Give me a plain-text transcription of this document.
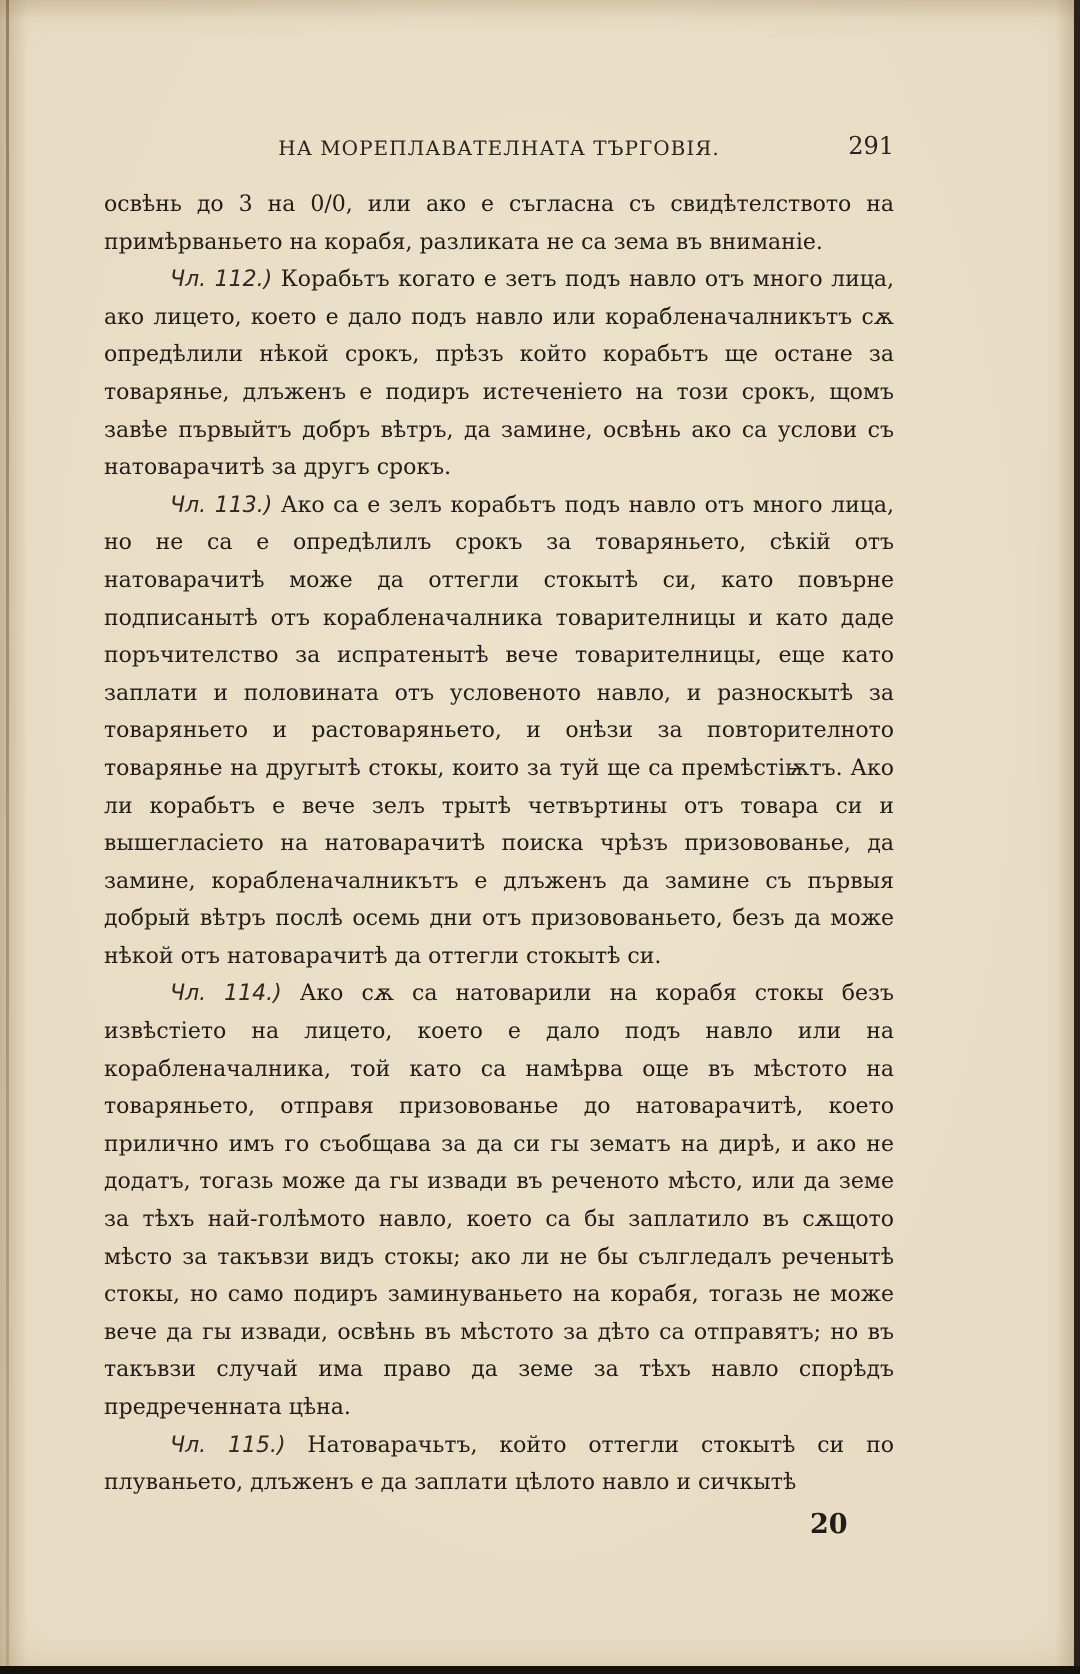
НА МОРЕПЛАВАТЕЛНАТА ТЪРГОВІЯ.	291

освѣнь до 3 на 0/0, или ако е съгласна съ свидѣтелството на примѣрваньето на корабя, разликата не са зема въ вниманіе.

Чл. 112.) Корабьтъ когато е зетъ подъ навло отъ много лица, ако лицето, което е дало подъ навло или корабленачалникътъ сѫ опредѣлили нѣкой срокъ, прѣзъ който корабьтъ ще остане за товарянье, длъженъ е подиръ истеченіето на този срокъ, щомъ завѣе първыйтъ добръ вѣтръ, да замине, освѣнь ако са услови съ натоварачитѣ за другъ срокъ.

Чл. 113.) Ако са е зелъ корабьтъ подъ навло отъ много лица, но не са е опредѣлилъ срокъ за товаряньето, сѣкій отъ натоварачитѣ може да оттегли стокытѣ си, като повърне подписанытѣ отъ корабленачалника товарителницы и като даде поръчителство за испратенытѣ вече товарителницы, еще като заплати и половината отъ условеното навло, и разноскытѣ за товаряньето и растоваряньето, и онѣзи за повторителното товарянье на другытѣ стокы, които за туй ще са премѣстіѭтъ. Ако ли корабьтъ е вече зелъ трытѣ четвъртины отъ товара си и вышегласіето на натоварачитѣ поиска чрѣзъ призовованье, да замине, корабленачалникътъ е длъженъ да замине съ първыя добрый вѣтръ послѣ осемь дни отъ призовованьето, безъ да може нѣкой отъ натоварачитѣ да оттегли стокытѣ си.

Чл. 114.) Ако сѫ са натоварили на корабя стокы безъ извѣстіето на лицето, което е дало подъ навло или на корабленачалника, той като са намѣрва още въ мѣстото на товаряньето, отправя призовованье до натоварачитѣ, което прилично имъ го съобщава за да си гы зематъ на дирѣ, и ако не додатъ, тогазь може да гы извади въ реченото мѣсто, или да земе за тѣхъ най-голѣмото навло, което са бы заплатило въ сѫщото мѣсто за такъвзи видъ стокы; ако ли не бы сългледалъ реченытѣ стокы, но само подиръ заминуваньето на корабя, тогазь не може вече да гы извади, освѣнь въ мѣстото за дѣто са отправятъ; но въ такъвзи случай има право да земе за тѣхъ навло спорѣдъ предреченната цѣна.

Чл. 115.) Натоварачьтъ, който оттегли стокытѣ си по плуваньето, длъженъ е да заплати цѣлото навло и сичкытѣ

20
